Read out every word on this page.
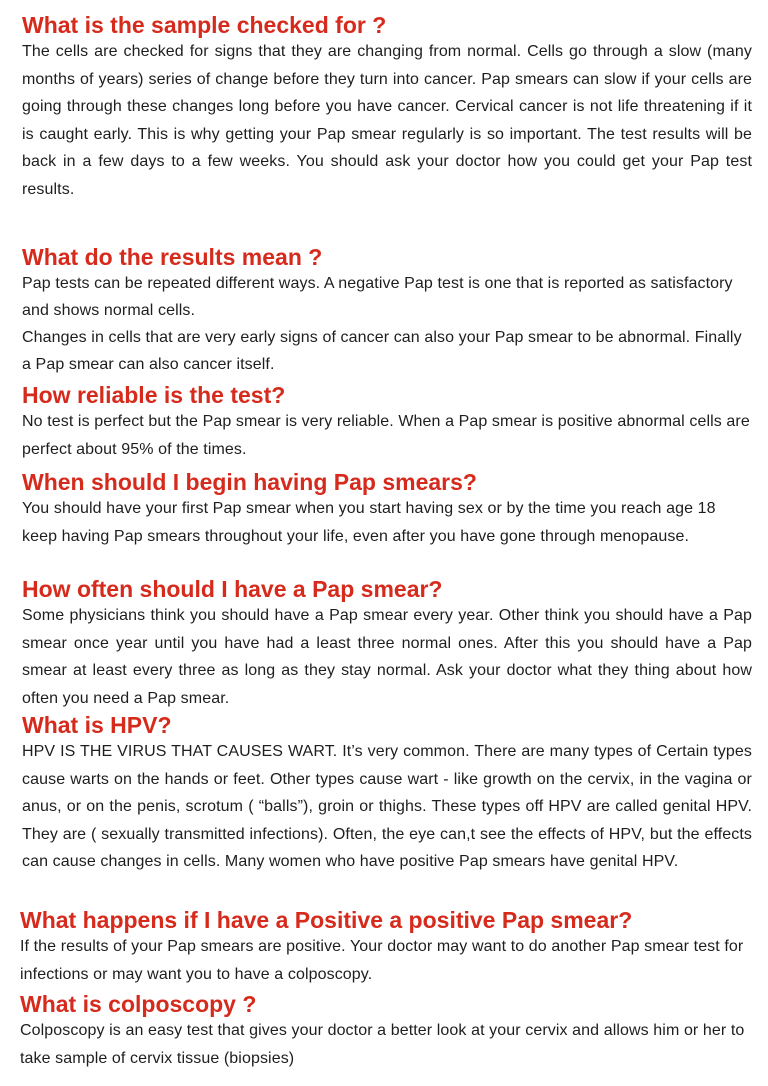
What is the sample checked for ?

The cells are checked for signs that they are changing from normal. Cells go through a slow (many months of years) series of change before they turn into cancer. Pap smears can slow if your cells are going through these changes long before you have cancer. Cervical cancer is not life threatening if it is caught early. This is why getting your Pap smear regularly is so important. The test results will be back in a few days to a few weeks. You should ask your doctor how you could get your Pap test results.

What do the results mean ?

Pap tests can be repeated different ways. A negative Pap test is one that is reported as satisfactory and shows normal cells.

Changes in cells that are very early signs of cancer can also your Pap smear to be abnormal. Finally a Pap smear can also cancer itself.

How reliable is the test?

No test is perfect but the Pap smear is very reliable. When a Pap smear is positive abnormal cells are perfect about 95% of the times.

When should I begin having Pap smears?

You should have your first Pap smear when you start having sex or by the time you reach age 18 keep having Pap smears throughout your life, even after you have gone through menopause.

How often should I have a Pap smear?

Some physicians think you should have a Pap smear every year. Other think you should have a Pap smear once year until you have had a least three normal ones. After this you should have a Pap smear at least every three as long as they stay normal. Ask your doctor what they thing about how often you need a Pap smear.

What is HPV?

HPV IS THE VIRUS THAT CAUSES WART. It’s very common. There are many types of Certain types cause warts on the hands or feet. Other types cause wart - like growth on the cervix, in the vagina or anus, or on the penis, scrotum ( “balls”), groin or thighs. These types off HPV are called genital HPV. They are ( sexually transmitted infections). Often, the eye can,t see the effects of HPV, but the effects can cause changes in cells. Many women who have positive Pap smears have genital HPV.

What happens if I have a Positive a positive Pap smear?

If the results of your Pap smears are positive. Your doctor may want to do another Pap smear test for infections or may want you to have a colposcopy.

What is colposcopy ?

Colposcopy is an easy test that gives your doctor a better look at your cervix and allows him or her to take sample of cervix tissue (biopsies)
